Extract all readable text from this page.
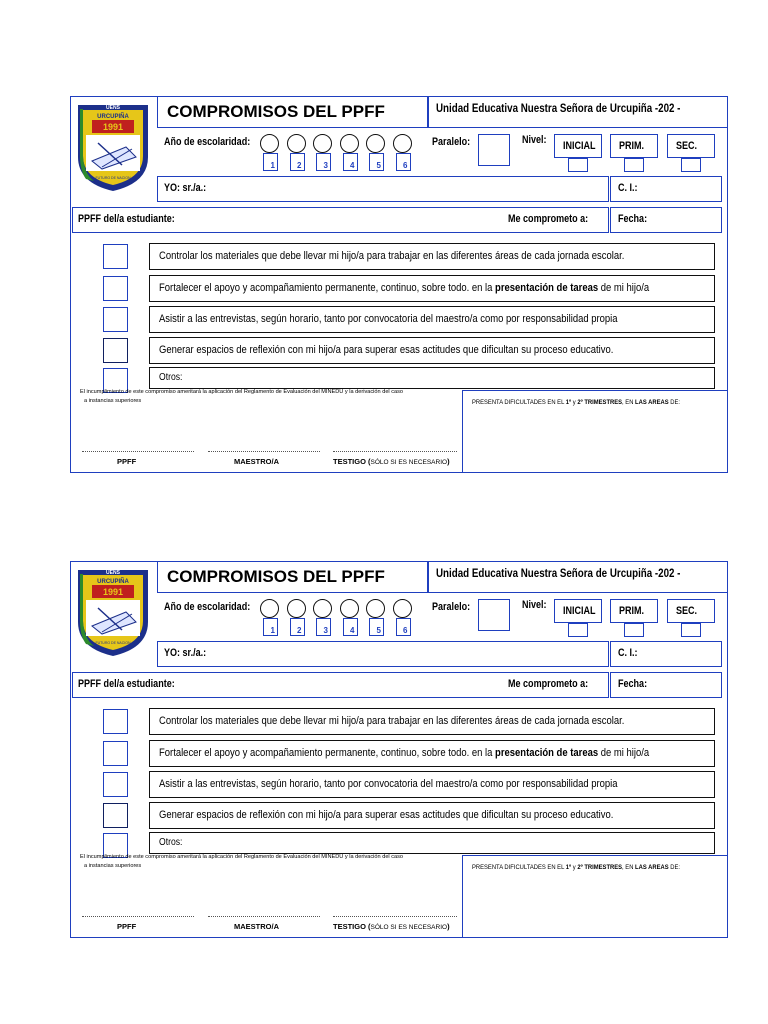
UENS
URCUPIÑA
1991
FUTURO DE NACION
COMPROMISOS DEL PPFF	Unidad Educativa Nuestra Señora de Urcupiña -202 -
Año de escolaridad:
1	2	3	4	5	6
Paralelo:	Nivel: INICIAL PRIM.	SEC.
YO: sr./a.:	C. I.:
PPFF del/a estudiante:	Me comprometo a:	Fecha:
Controlar los materiales que debe llevar mi hijo/a para trabajar en las diferentes áreas de cada jornada escolar.
Fortalecer el apoyo y acompañamiento permanente, continuo, sobre todo. en la presentación de tareas de mi hijo/a
Asistir a las entrevistas, según horario, tanto por convocatoria del maestro/a como por responsabilidad propia
Generar espacios de reflexión con mi hijo/a para superar esas actitudes que dificultan su proceso educativo.
Otros:
El incumplimiento de este compromiso ameritará la aplicación del Reglamento de Evaluación del MINEDU y la derivación del caso
a instancias superiores	PRESENTA DIFICULTADES EN EL 1º y 2º TRIMESTRES, EN LAS AREAS DE:
PPFF	MAESTRO/A	TESTIGO (SÓLO SI ES NECESARIO)
UENS
URCUPIÑA
1991
FUTURO DE NACION
COMPROMISOS DEL PPFF	Unidad Educativa Nuestra Señora de Urcupiña -202 -
Año de escolaridad:
1	2	3	4	5	6
Paralelo:	Nivel: INICIAL PRIM.	SEC.
YO: sr./a.:	C. I.:
PPFF del/a estudiante:	Me comprometo a:	Fecha:
Controlar los materiales que debe llevar mi hijo/a para trabajar en las diferentes áreas de cada jornada escolar.
Fortalecer el apoyo y acompañamiento permanente, continuo, sobre todo. en la presentación de tareas de mi hijo/a
Asistir a las entrevistas, según horario, tanto por convocatoria del maestro/a como por responsabilidad propia
Generar espacios de reflexión con mi hijo/a para superar esas actitudes que dificultan su proceso educativo.
Otros:
El incumplimiento de este compromiso ameritará la aplicación del Reglamento de Evaluación del MINEDU y la derivación del caso
a instancias superiores	PRESENTA DIFICULTADES EN EL 1º y 2º TRIMESTRES, EN LAS AREAS DE:
PPFF	MAESTRO/A	TESTIGO (SÓLO SI ES NECESARIO)
